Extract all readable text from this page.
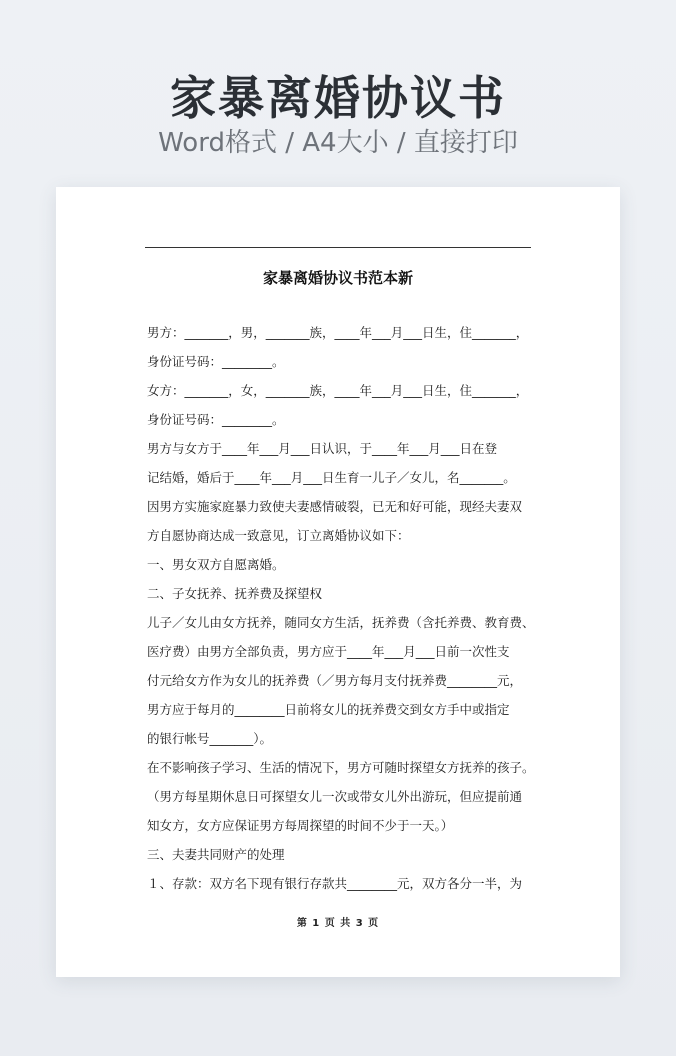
家暴离婚协议书
Word格式 / A4大小 / 直接打印
家暴离婚协议书范本新
男方：_______，男，_______族，____年___月___日生，住_______，
身份证号码：________。
女方：_______，女，_______族，____年___月___日生，住_______，
身份证号码：________。
男方与女方于____年___月___日认识，于____年___月___日在登
记结婚，婚后于____年___月___日生育一儿子／女儿，名_______。
因男方实施家庭暴力致使夫妻感情破裂，已无和好可能，现经夫妻双
方自愿协商达成一致意见，订立离婚协议如下：
一、男女双方自愿离婚。
二、子女抚养、抚养费及探望权
儿子／女儿由女方抚养，随同女方生活，抚养费（含托养费、教育费、
医疗费）由男方全部负责，男方应于____年___月___日前一次性支
付元给女方作为女儿的抚养费（／男方每月支付抚养费________元，
男方应于每月的________日前将女儿的抚养费交到女方手中或指定
的银行帐号_______）。
在不影响孩子学习、生活的情况下，男方可随时探望女方抚养的孩子。
（男方每星期休息日可探望女儿一次或带女儿外出游玩，但应提前通
知女方，女方应保证男方每周探望的时间不少于一天。）
三、夫妻共同财产的处理
１、存款：双方名下现有银行存款共________元，双方各分一半，为
第 1 页 共 3 页
